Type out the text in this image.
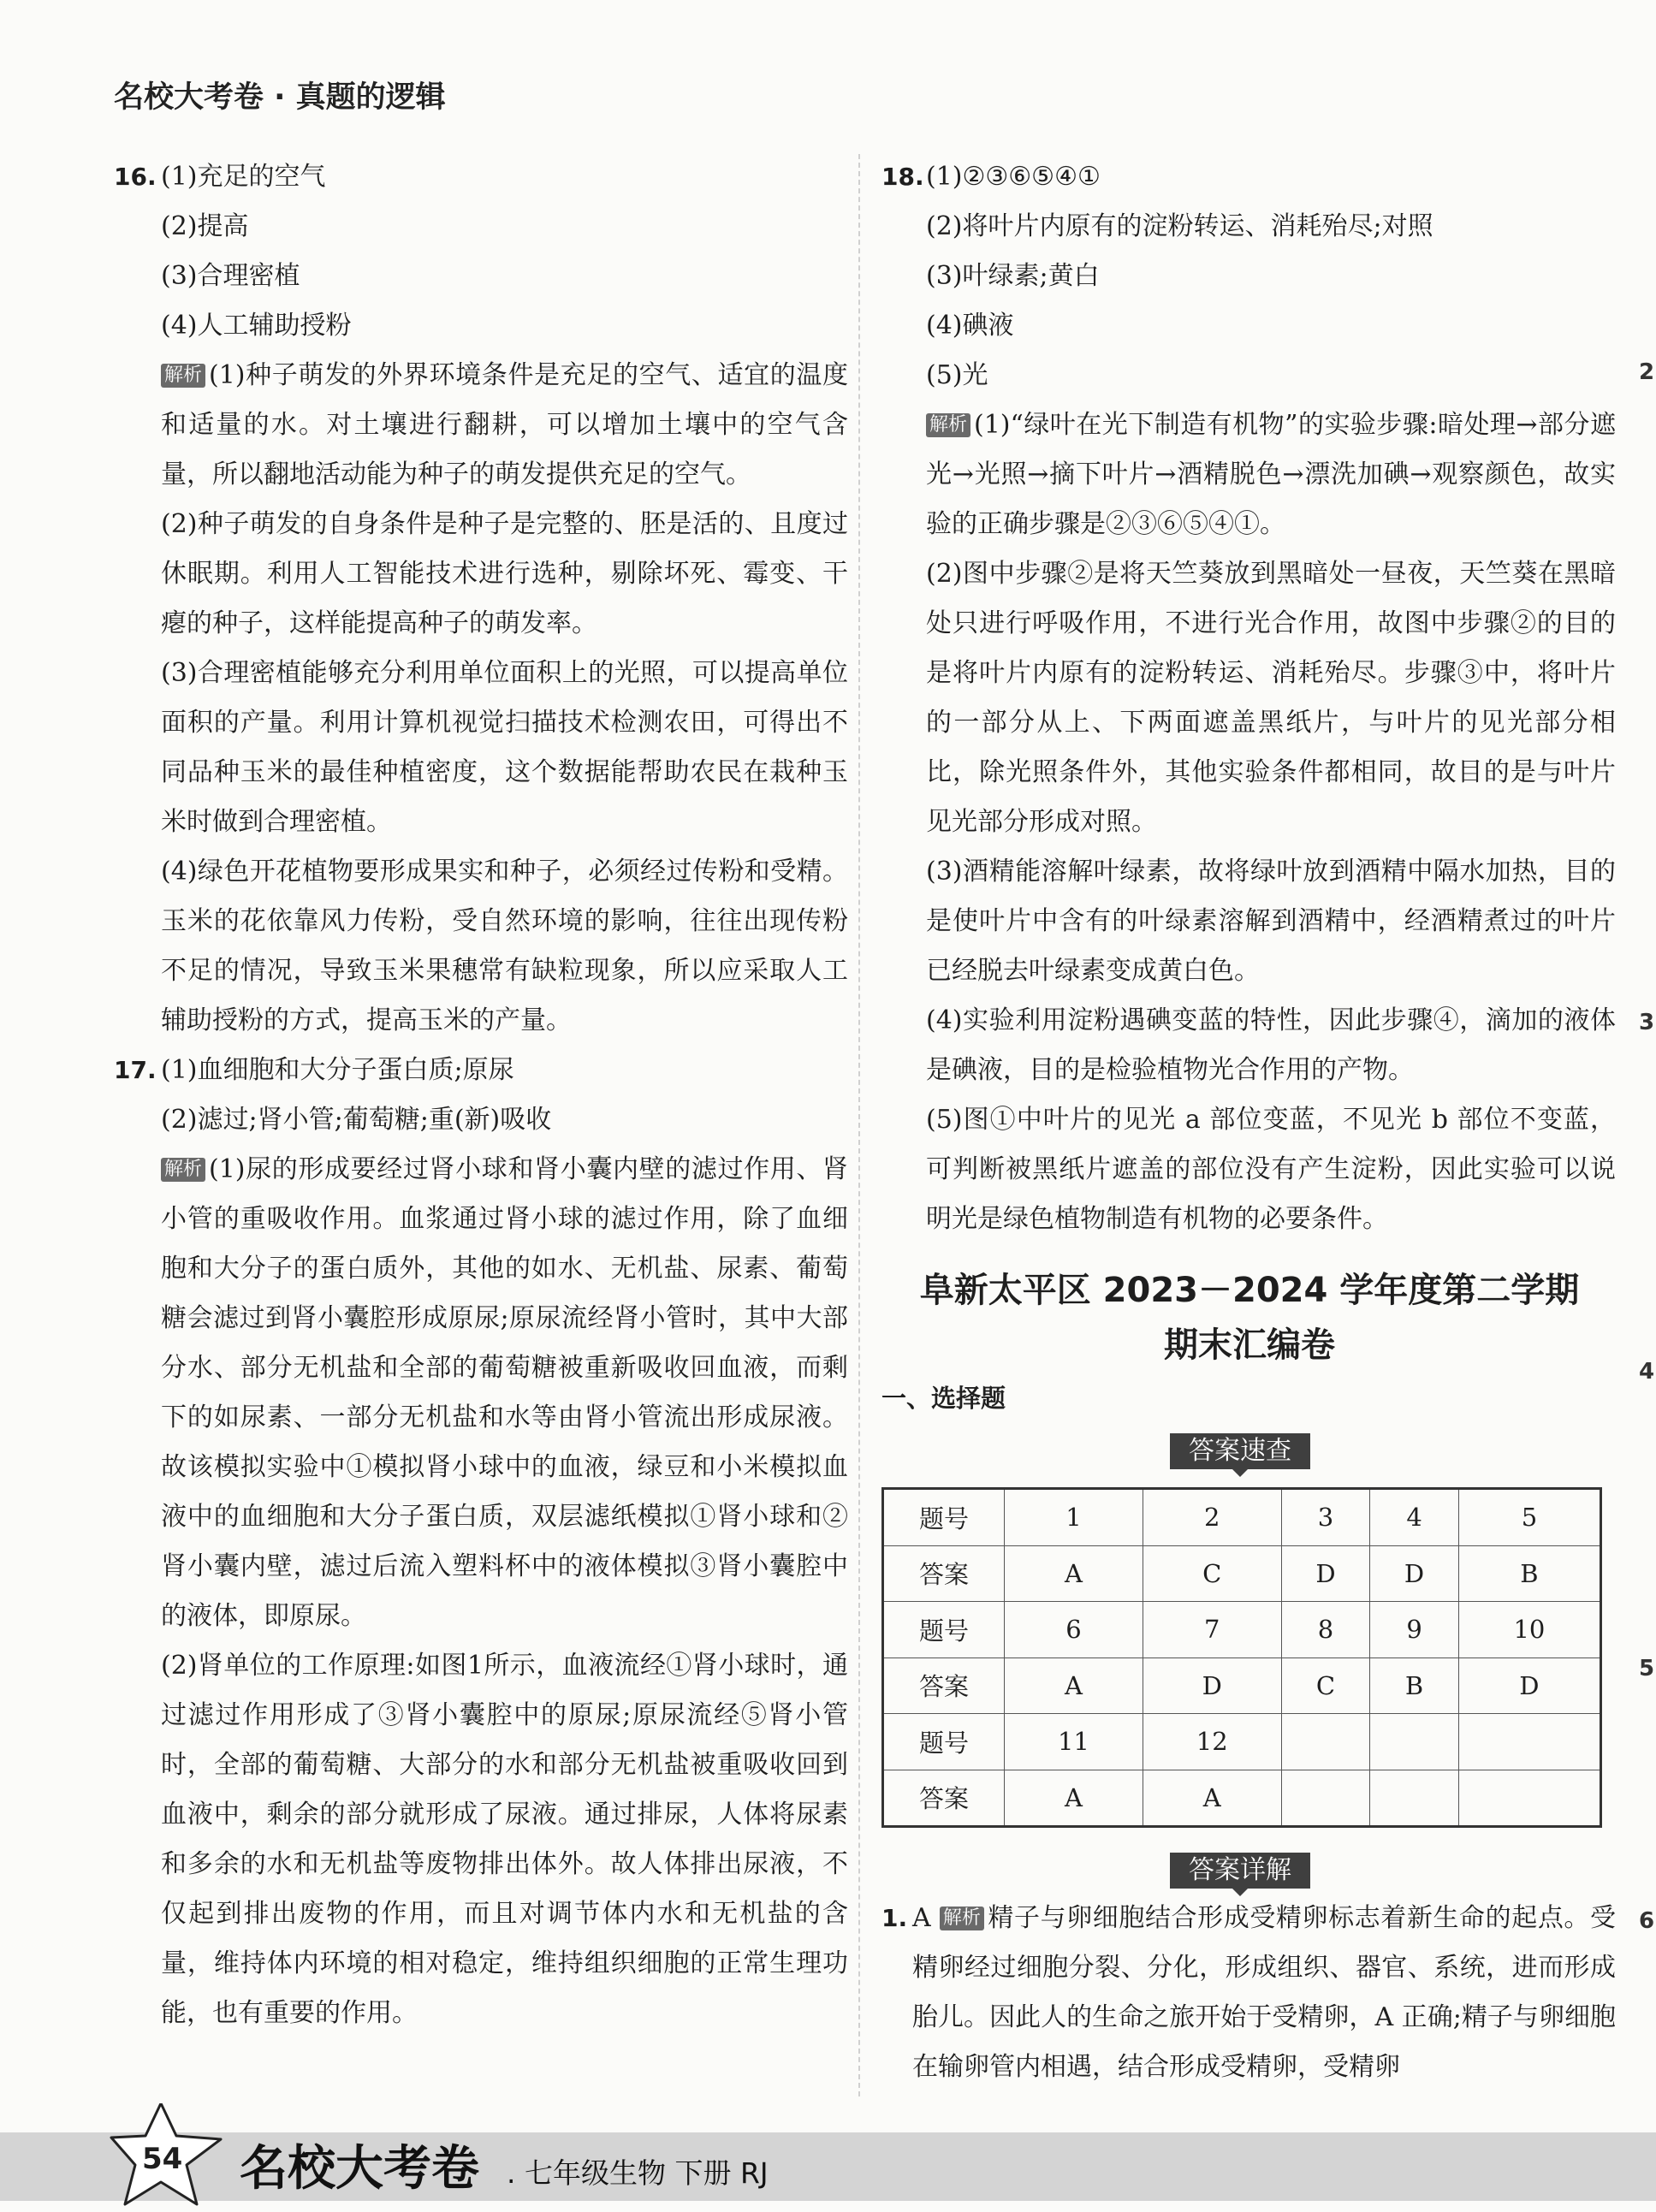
名校大考卷 · 真题的逻辑
16. (1)充足的空气
(2)提高
(3)合理密植
(4)人工辅助授粉
解析 (1)种子萌发的外界环境条件是充足的空气、适宜的温度和适量的水。对土壤进行翻耕，可以增加土壤中的空气含量，所以翻地活动能为种子的萌发提供充足的空气。
(2)种子萌发的自身条件是种子是完整的、胚是活的、且度过休眠期。利用人工智能技术进行选种，剔除坏死、霉变、干瘪的种子，这样能提高种子的萌发率。
(3)合理密植能够充分利用单位面积上的光照，可以提高单位面积的产量。利用计算机视觉扫描技术检测农田，可得出不同品种玉米的最佳种植密度，这个数据能帮助农民在栽种玉米时做到合理密植。
(4)绿色开花植物要形成果实和种子，必须经过传粉和受精。玉米的花依靠风力传粉，受自然环境的影响，往往出现传粉不足的情况，导致玉米果穗常有缺粒现象，所以应采取人工辅助授粉的方式，提高玉米的产量。
17. (1)血细胞和大分子蛋白质;原尿
(2)滤过;肾小管;葡萄糖;重(新)吸收
解析 (1)尿的形成要经过肾小球和肾小囊内壁的滤过作用、肾小管的重吸收作用。血浆通过肾小球的滤过作用，除了血细胞和大分子的蛋白质外，其他的如水、无机盐、尿素、葡萄糖会滤过到肾小囊腔形成原尿;原尿流经肾小管时，其中大部分水、部分无机盐和全部的葡萄糖被重新吸收回血液，而剩下的如尿素、一部分无机盐和水等由肾小管流出形成尿液。故该模拟实验中①模拟肾小球中的血液，绿豆和小米模拟血液中的血细胞和大分子蛋白质，双层滤纸模拟①肾小球和②肾小囊内壁，滤过后流入塑料杯中的液体模拟③肾小囊腔中的液体，即原尿。
(2)肾单位的工作原理:如图1所示，血液流经①肾小球时，通过滤过作用形成了③肾小囊腔中的原尿;原尿流经⑤肾小管时，全部的葡萄糖、大部分的水和部分无机盐被重吸收回到血液中，剩余的部分就形成了尿液。通过排尿，人体将尿素和多余的水和无机盐等废物排出体外。故人体排出尿液，不仅起到排出废物的作用，而且对调节体内水和无机盐的含量，维持体内环境的相对稳定，维持组织细胞的正常生理功能，也有重要的作用。
18. (1)②③⑥⑤④①
(2)将叶片内原有的淀粉转运、消耗殆尽;对照
(3)叶绿素;黄白
(4)碘液
(5)光
解析 (1)“绿叶在光下制造有机物”的实验步骤:暗处理→部分遮光→光照→摘下叶片→酒精脱色→漂洗加碘→观察颜色，故实验的正确步骤是②③⑥⑤④①。
(2)图中步骤②是将天竺葵放到黑暗处一昼夜，天竺葵在黑暗处只进行呼吸作用，不进行光合作用，故图中步骤②的目的是将叶片内原有的淀粉转运、消耗殆尽。步骤③中，将叶片的一部分从上、下两面遮盖黑纸片，与叶片的见光部分相比，除光照条件外，其他实验条件都相同，故目的是与叶片见光部分形成对照。
(3)酒精能溶解叶绿素，故将绿叶放到酒精中隔水加热，目的是使叶片中含有的叶绿素溶解到酒精中，经酒精煮过的叶片已经脱去叶绿素变成黄白色。
(4)实验利用淀粉遇碘变蓝的特性，因此步骤④，滴加的液体是碘液，目的是检验植物光合作用的产物。
(5)图①中叶片的见光 a 部位变蓝，不见光 b 部位不变蓝，可判断被黑纸片遮盖的部位没有产生淀粉，因此实验可以说明光是绿色植物制造有机物的必要条件。
阜新太平区 2023－2024 学年度第二学期
期末汇编卷
一、选择题
答案速查
题号	1	2	3	4	5
答案	A	C	D	D	B
题号	6	7	8	9	10
答案	A	D	C	B	D
题号	11	12			
答案	A	A			
答案详解
1. A 解析 精子与卵细胞结合形成受精卵标志着新生命的起点。受精卵经过细胞分裂、分化，形成组织、器官、系统，进而形成胎儿。因此人的生命之旅开始于受精卵，A 正确;精子与卵细胞在输卵管内相遇，结合形成受精卵，受精卵
2
3
4
5
6
54 名校大考卷 . 七年级生物 下册 RJ
